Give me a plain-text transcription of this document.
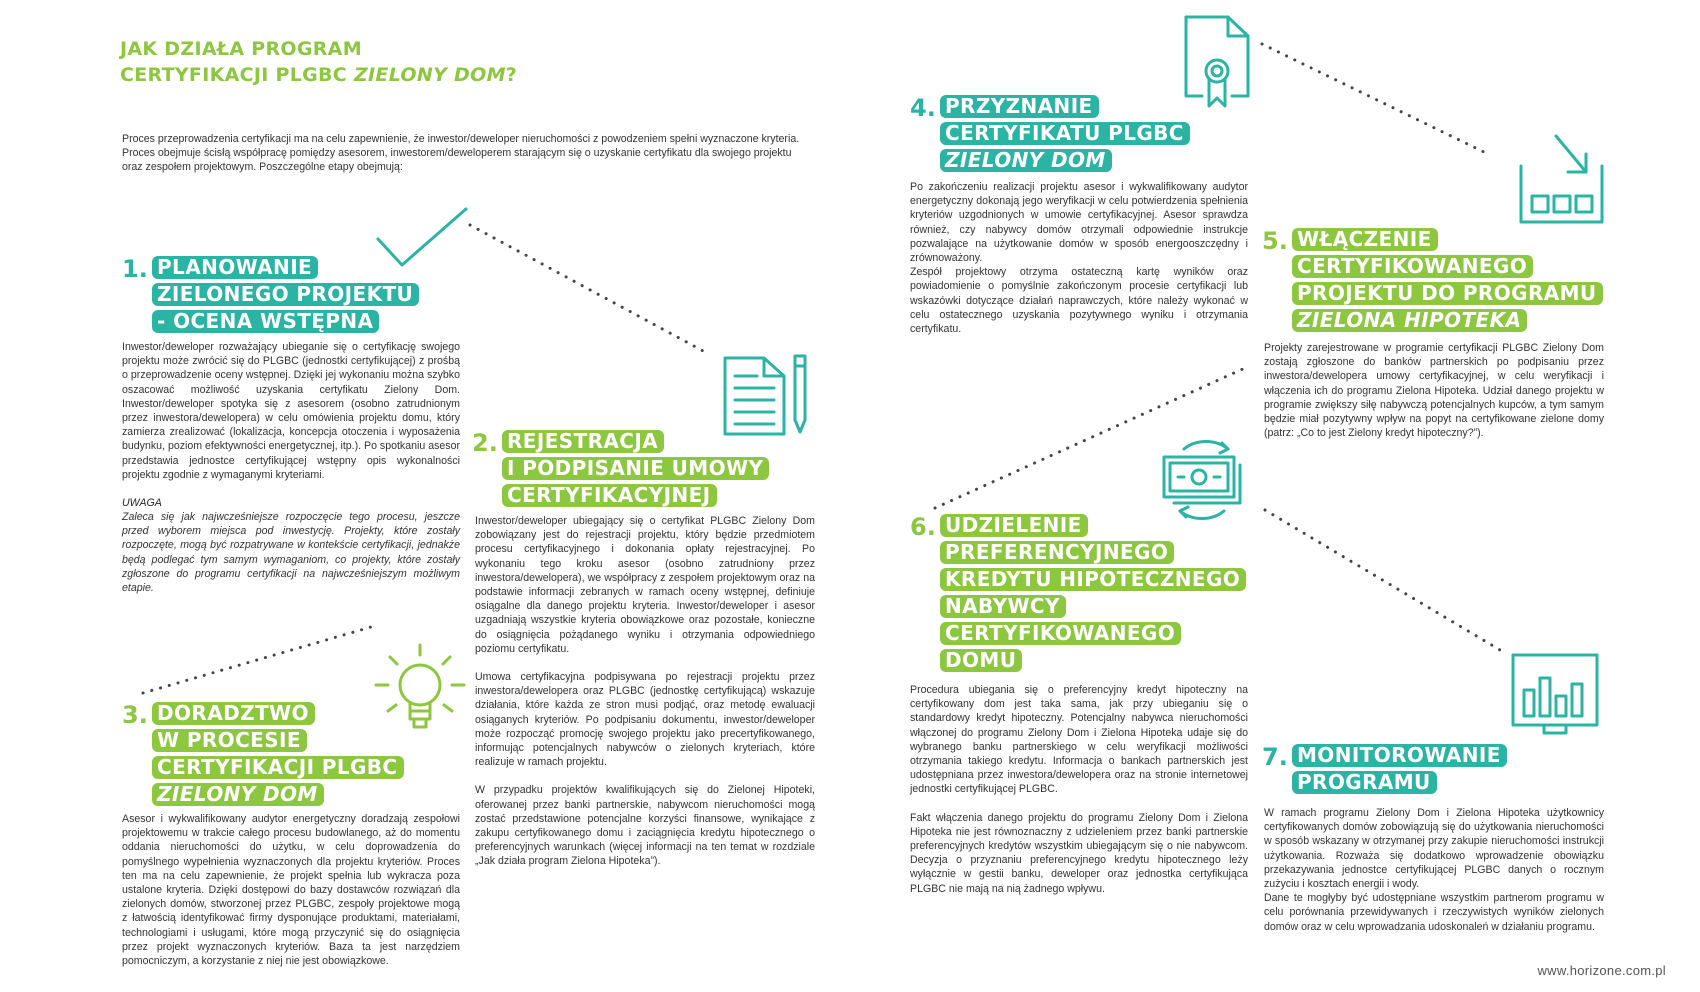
JAK DZIAŁA PROGRAM
CERTYFIKACJI PLGBC ZIELONY DOM?
Proces przeprowadzenia certyfikacji ma na celu zapewnienie, że inwestor/deweloper nieruchomości z powodzeniem spełni wyznaczone kryteria. Proces obejmuje ścisłą współpracę pomiędzy asesorem, inwestorem/deweloperem starającym się o uzyskanie certyfikatu dla swojego projektu oraz zespołem projektowym. Poszczególne etapy obejmują:
1. PLANOWANIE
ZIELONEGO PROJEKTU
- OCENA WSTĘPNA

Inwestor/deweloper rozważający ubieganie się o certyfikację swojego projektu może zwrócić się do PLGBC (jednostki certyfikującej) z prośbą o przeprowadzenie oceny wstępnej. Dzięki jej wykonaniu można szybko oszacować możliwość uzyskania certyfikatu Zielony Dom. Inwestor/deweloper spotyka się z asesorem (osobno zatrudnionym przez inwestora/dewelopera) w celu omówienia projektu domu, który zamierza zrealizować (lokalizacja, koncepcja otoczenia i wyposażenia budynku, poziom efektywności energetycznej, itp.). Po spotkaniu asesor przedstawia jednostce certyfikującej wstępny opis wykonalności projektu zgodnie z wymaganymi kryteriami.

UWAGA

Zaleca się jak najwcześniejsze rozpoczęcie tego procesu, jeszcze przed wyborem miejsca pod inwestycję. Projekty, które zostały rozpoczęte, mogą być rozpatrywane w kontekście certyfikacji, jednakże będą podlegać tym samym wymaganiom, co projekty, które zostały zgłoszone do programu certyfikacji na najwcześniejszym możliwym etapie.

2. REJESTRACJA
I PODPISANIE UMOWY
CERTYFIKACYJNEJ

Inwestor/deweloper ubiegający się o certyfikat PLGBC Zielony Dom zobowiązany jest do rejestracji projektu, który będzie przedmiotem procesu certyfikacyjnego i dokonania opłaty rejestracyjnej. Po wykonaniu tego kroku asesor (osobno zatrudniony przez inwestora/dewelopera), we współpracy z zespołem projektowym oraz na podstawie informacji zebranych w ramach oceny wstępnej, definiuje osiągalne dla danego projektu kryteria. Inwestor/deweloper i asesor uzgadniają wszystkie kryteria obowiązkowe oraz pozostałe, konieczne do osiągnięcia pożądanego wyniku i otrzymania odpowiedniego poziomu certyfikatu.

Umowa certyfikacyjna podpisywana po rejestracji projektu przez inwestora/dewelopera oraz PLGBC (jednostkę certyfikującą) wskazuje działania, które każda ze stron musi podjąć, oraz metodę ewaluacji osiąganych kryteriów. Po podpisaniu dokumentu, inwestor/deweloper może rozpocząć promocję swojego projektu jako precertyfikowanego, informując potencjalnych nabywców o zielonych kryteriach, które realizuje w ramach projektu.

W przypadku projektów kwalifikujących się do Zielonej Hipoteki, oferowanej przez banki partnerskie, nabywcom nieruchomości mogą zostać przedstawione potencjalne korzyści finansowe, wynikające z zakupu certyfikowanego domu i zaciągnięcia kredytu hipotecznego o preferencyjnych warunkach (więcej informacji na ten temat w rozdziale „Jak działa program Zielona Hipoteka”).

3. DORADZTWO
W PROCESIE
CERTYFIKACJI PLGBC
ZIELONY DOM

Asesor i wykwalifikowany audytor energetyczny doradzają zespołowi projektowemu w trakcie całego procesu budowlanego, aż do momentu oddania nieruchomości do użytku, w celu doprowadzenia do pomyślnego wypełnienia wyznaczonych dla projektu kryteriów. Proces ten ma na celu zapewnienie, że projekt spełnia lub wykracza poza ustalone kryteria. Dzięki dostępowi do bazy dostawców rozwiązań dla zielonych domów, stworzonej przez PLGBC, zespoły projektowe mogą z łatwością identyfikować firmy dysponujące produktami, materiałami, technologiami i usługami, które mogą przyczynić się do osiągnięcia przez projekt wyznaczonych kryteriów. Baza ta jest narzędziem pomocniczym, a korzystanie z niej nie jest obowiązkowe.

4. PRZYZNANIE
CERTYFIKATU PLGBC
ZIELONY DOM

Po zakończeniu realizacji projektu asesor i wykwalifikowany audytor energetyczny dokonają jego weryfikacji w celu potwierdzenia spełnienia kryteriów uzgodnionych w umowie certyfikacyjnej. Asesor sprawdza również, czy nabywcy domów otrzymali odpowiednie instrukcje pozwalające na użytkowanie domów w sposób energooszczędny i zrównoważony.

Zespół projektowy otrzyma ostateczną kartę wyników oraz powiadomienie o pomyślnie zakończonym procesie certyfikacji lub wskazówki dotyczące działań naprawczych, które należy wykonać w celu ostatecznego uzyskania pozytywnego wyniku i otrzymania certyfikatu.

5. WŁĄCZENIE
CERTYFIKOWANEGO
PROJEKTU DO PROGRAMU
ZIELONA HIPOTEKA

Projekty zarejestrowane w programie certyfikacji PLGBC Zielony Dom zostają zgłoszone do banków partnerskich po podpisaniu przez inwestora/dewelopera umowy certyfikacyjnej, w celu weryfikacji i włączenia ich do programu Zielona Hipoteka. Udział danego projektu w programie zwiększy siłę nabywczą potencjalnych kupców, a tym samym będzie miał pozytywny wpływ na popyt na certyfikowane zielone domy (patrz: „Co to jest Zielony kredyt hipoteczny?”).

6. UDZIELENIE
PREFERENCYJNEGO
KREDYTU HIPOTECZNEGO
NABYWCY
CERTYFIKOWANEGO
DOMU

Procedura ubiegania się o preferencyjny kredyt hipoteczny na certyfikowany dom jest taka sama, jak przy ubieganiu się o standardowy kredyt hipoteczny. Potencjalny nabywca nieruchomości włączonej do programu Zielony Dom i Zielona Hipoteka udaje się do wybranego banku partnerskiego w celu weryfikacji możliwości otrzymania takiego kredytu. Informacja o bankach partnerskich jest udostępniana przez inwestora/dewelopera oraz na stronie internetowej jednostki certyfikującej PLGBC.

Fakt włączenia danego projektu do programu Zielony Dom i Zielona Hipoteka nie jest równoznaczny z udzieleniem przez banki partnerskie preferencyjnych kredytów wszystkim ubiegającym się o nie nabywcom. Decyzja o przyznaniu preferencyjnego kredytu hipotecznego leży wyłącznie w gestii banku, deweloper oraz jednostka certyfikująca PLGBC nie mają na nią żadnego wpływu.

7. MONITOROWANIE
PROGRAMU

W ramach programu Zielony Dom i Zielona Hipoteka użytkownicy certyfikowanych domów zobowiązują się do użytkowania nieruchomości w sposób wskazany w otrzymanej przy zakupie nieruchomości instrukcji użytkowania. Rozważa się dodatkowo wprowadzenie obowiązku przekazywania jednostce certyfikującej PLGBC danych o rocznym zużyciu i kosztach energii i wody.

Dane te mogłyby być udostępniane wszystkim partnerom programu w celu porównania przewidywanych i rzeczywistych wyników zielonych domów oraz w celu wprowadzania udoskonaleń w działaniu programu.

www.horizone.com.pl
